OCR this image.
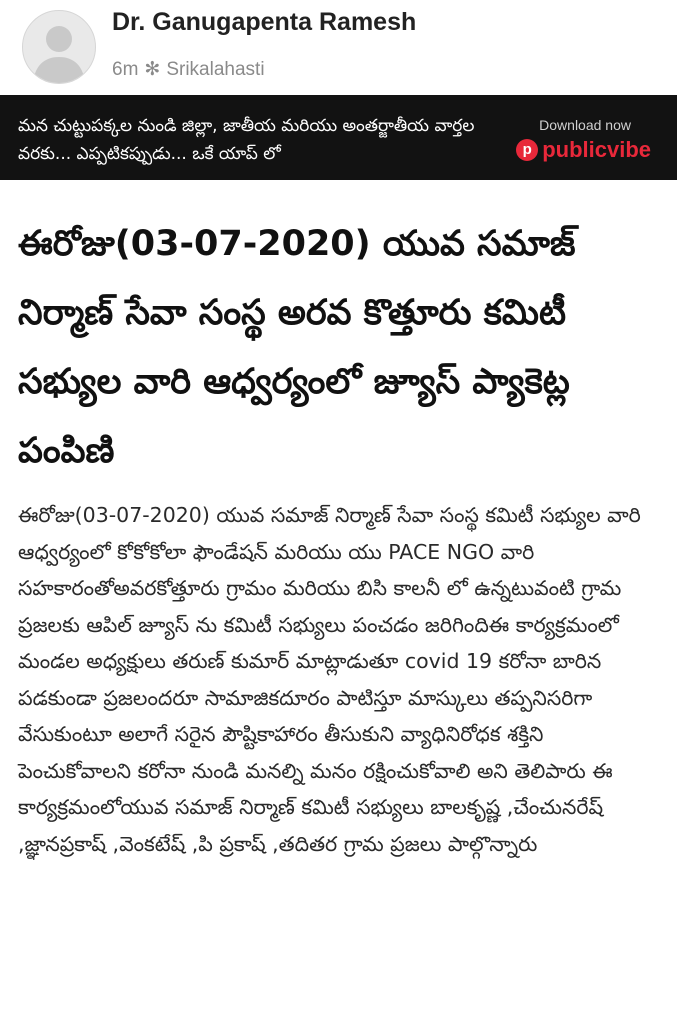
Dr. Ganugapenta Ramesh
6m ✻ Srikalahasti
మన చుట్టుపక్కల నుండి జిల్లా, జాతీయ మరియు అంతర్జాతీయ వార్తల వరకు... ఎప్పటికప్పుడు... ఒకే యాప్ లో
Download now
p publicvibe
ఈరోజు(03-07-2020) యువ సమాజ్ నిర్మాణ్ సేవా సంస్థ అరవ కొత్తూరు కమిటీ సభ్యుల వారి ఆధ్వర్యంలో జ్యూస్ ప్యాకెట్ల పంపిణి

ఈరోజు(03-07-2020) యువ సమాజ్ నిర్మాణ్ సేవా సంస్థ కమిటీ సభ్యుల వారి ఆధ్వర్యంలో కోకోకోలా ఫౌండేషన్ మరియు యు PACE NGO వారి సహకారంతోఅవరకోత్తూరు గ్రామం మరియు బిసి కాలనీ లో ఉన్నటువంటి గ్రామ ప్రజలకు ఆపిల్ జ్యూస్ ను కమిటీ సభ్యులు పంచడం జరిగిందిఈ కార్యక్రమంలో మండల అధ్యక్షులు తరుణ్ కుమార్ మాట్లాడుతూ covid 19 కరోనా బారిన పడకుండా ప్రజలందరూ సామాజికదూరం పాటిస్తూ మాస్కులు తప్పనిసరిగా వేసుకుంటూ అలాగే సరైన పౌష్టికాహారం తీసుకుని వ్యాధినిరోధక శక్తిని పెంచుకోవాలని కరోనా నుండి మనల్ని మనం రక్షించుకోవాలి అని తెలిపారు ఈ కార్యక్రమంలోయువ సమాజ్ నిర్మాణ్ కమిటీ సభ్యులు బాలకృష్ణ ,చేంచునరేష్ ,జ్ఞానప్రకాష్ ,వెంకటేష్ ,పి ప్రకాష్ ,తదితర గ్రామ ప్రజలు పాల్గొన్నారు
